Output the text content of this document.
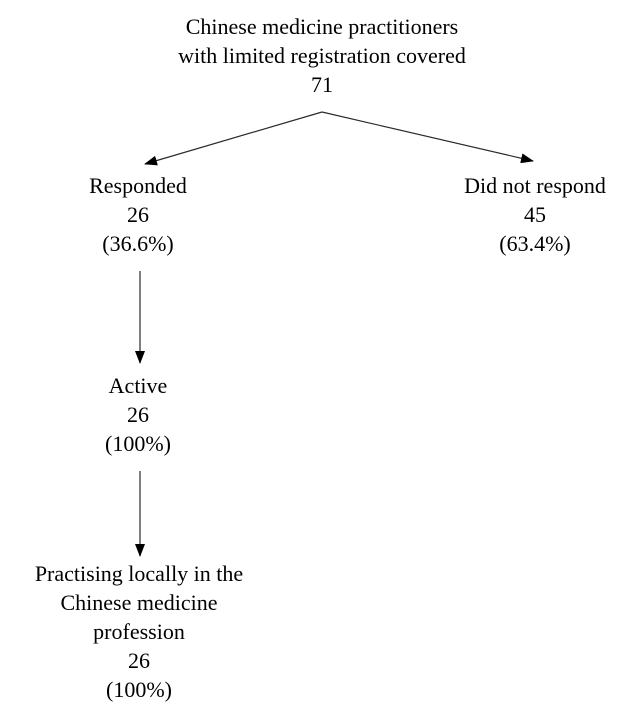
Chinese medicine practitioners
with limited registration covered
71
Responded
26
(36.6%)
Did not respond
45
(63.4%)
Active
26
(100%)
Practising locally in the
Chinese medicine
profession
26
(100%)
